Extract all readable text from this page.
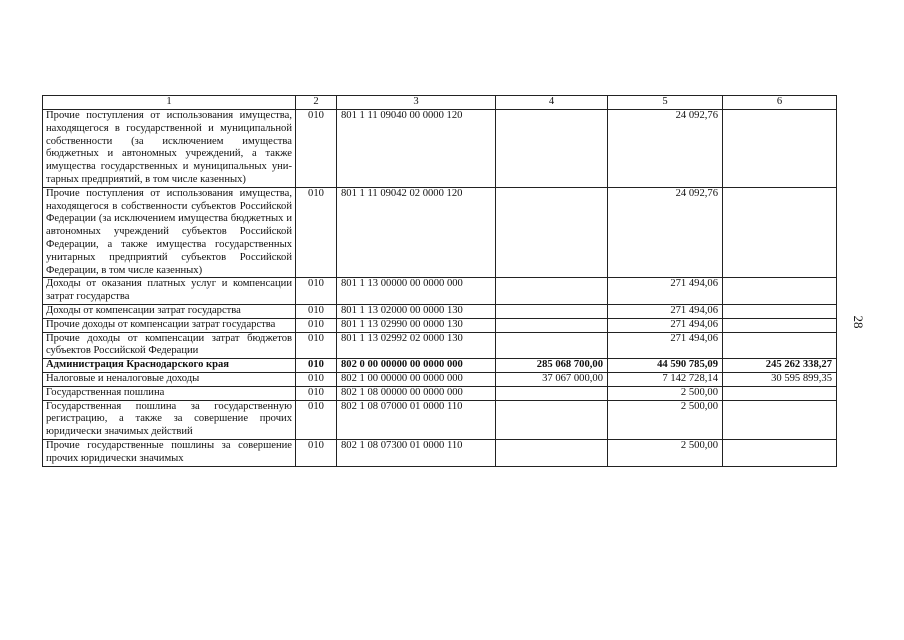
1	2	3	4	5	6
Прочие поступления от использования имущества, находящегося в государственной и муниципальной собственности (за исключением имущества бюджетных и автономных учреждений, а также имущества государственных и муниципальных унитарных предприятий, в том числе казенных)	010	801 1 11 09040 00 0000 120		24 092,76	
Прочие поступления от использования имущества, находящегося в собственности субъектов Российской Федерации (за исключением имущества бюджетных и автономных учреждений субъектов Российской Федерации, а также имущества государственных унитарных предприятий субъектов Российской Федерации, в том числе казенных)	010	801 1 11 09042 02 0000 120		24 092,76	
Доходы от оказания платных услуг и компенсации затрат государства	010	801 1 13 00000 00 0000 000		271 494,06	
Доходы от компенсации затрат государства	010	801 1 13 02000 00 0000 130		271 494,06	
Прочие доходы от компенсации затрат государства	010	801 1 13 02990 00 0000 130		271 494,06	
Прочие доходы от компенсации затрат бюджетов субъектов Российской Федерации	010	801 1 13 02992 02 0000 130		271 494,06	
Администрация Краснодарского края	010	802 0 00 00000 00 0000 000	285 068 700,00	44 590 785,09	245 262 338,27
Налоговые и неналоговые доходы	010	802 1 00 00000 00 0000 000	37 067 000,00	7 142 728,14	30 595 899,35
Государственная пошлина	010	802 1 08 00000 00 0000 000		2 500,00	
Государственная пошлина за государственную регистрацию, а также за совершение прочих юридически значимых действий	010	802 1 08 07000 01 0000 110		2 500,00	
Прочие государственные пошлины за совершение прочих юридически значимых	010	802 1 08 07300 01 0000 110		2 500,00	
28
